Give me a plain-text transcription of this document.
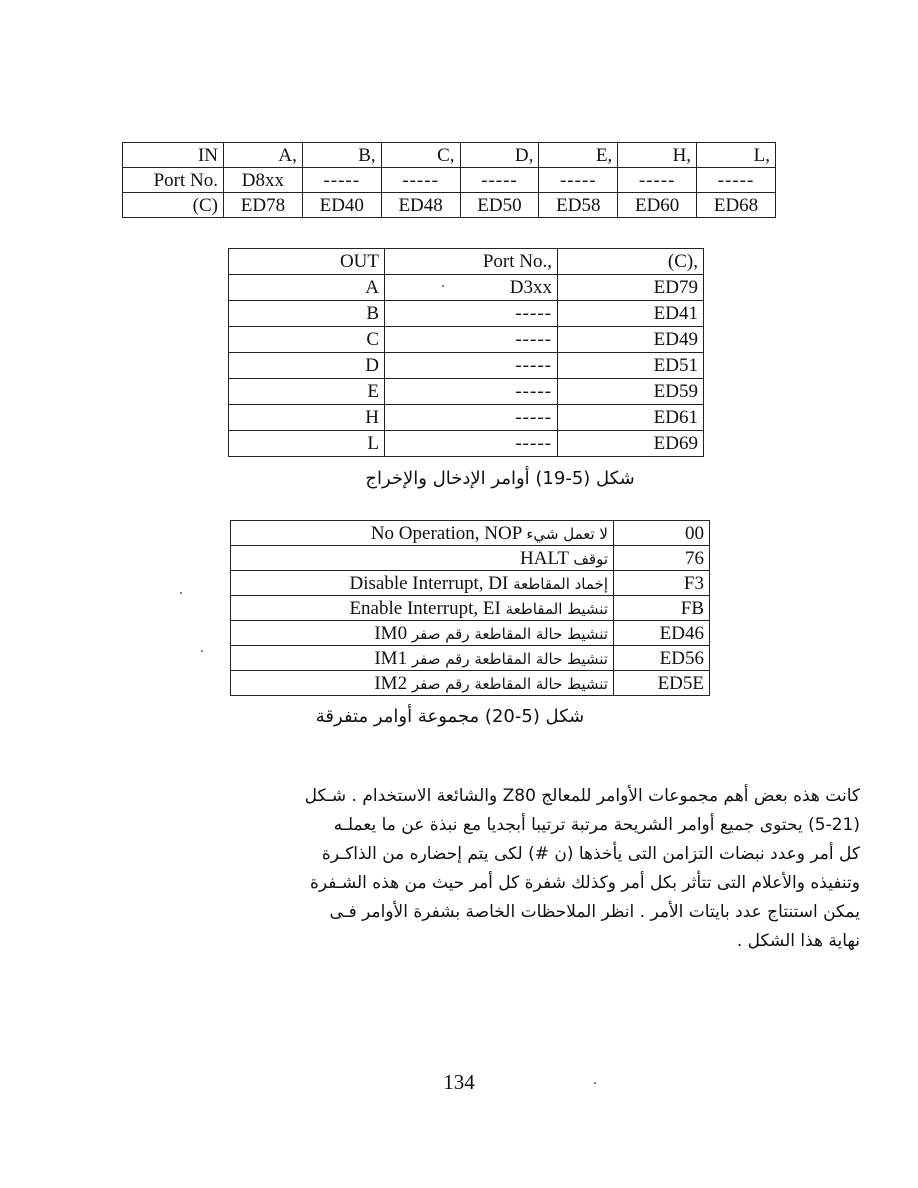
IN	A,	B,	C,	D,	E,	H,	L,
Port No.	D8xx	-----	-----	-----	-----	-----	-----
(C)	ED78	ED40	ED48	ED50	ED58	ED60	ED68
OUT	Port No.,	(C),
A	D3xx	ED79
B	-----	ED41
C	-----	ED49
D	-----	ED51
E	-----	ED59
H	-----	ED61
L	-----	ED69
شكل (5-19) أوامر الإدخال والإخراج
No Operation, NOP لا تعمل شيء	00
HALT توقف	76
Disable Interrupt, DI إخماد المقاطعة	F3
Enable Interrupt, EI تنشيط المقاطعة	FB
IM0 تنشيط حالة المقاطعة رقم صفر	ED46
IM1 تنشيط حالة المقاطعة رقم صفر	ED56
IM2 تنشيط حالة المقاطعة رقم صفر	ED5E
شكل (5-20) مجموعة أوامر متفرقة

كانت هذه بعض أهم مجموعات الأوامر للمعالج Z80 والشائعة الاستخدام . شـكل

(5-21) يحتوى جميع أوامر الشريحة مرتبة ترتيبا أبجديا مع نبذة عن ما يعملـه

كل أمر وعدد نبضات التزامن التى يأخذها (ن #) لكى يتم إحضاره من الذاكـرة

وتنفيذه والأعلام التى تتأثر بكل أمر وكذلك شفرة كل أمر حيث من هذه الشـفرة

يمكن استنتاج عدد بايتات الأمر . انظر الملاحظات الخاصة بشفرة الأوامر فـى

نهاية هذا الشكل .

134
